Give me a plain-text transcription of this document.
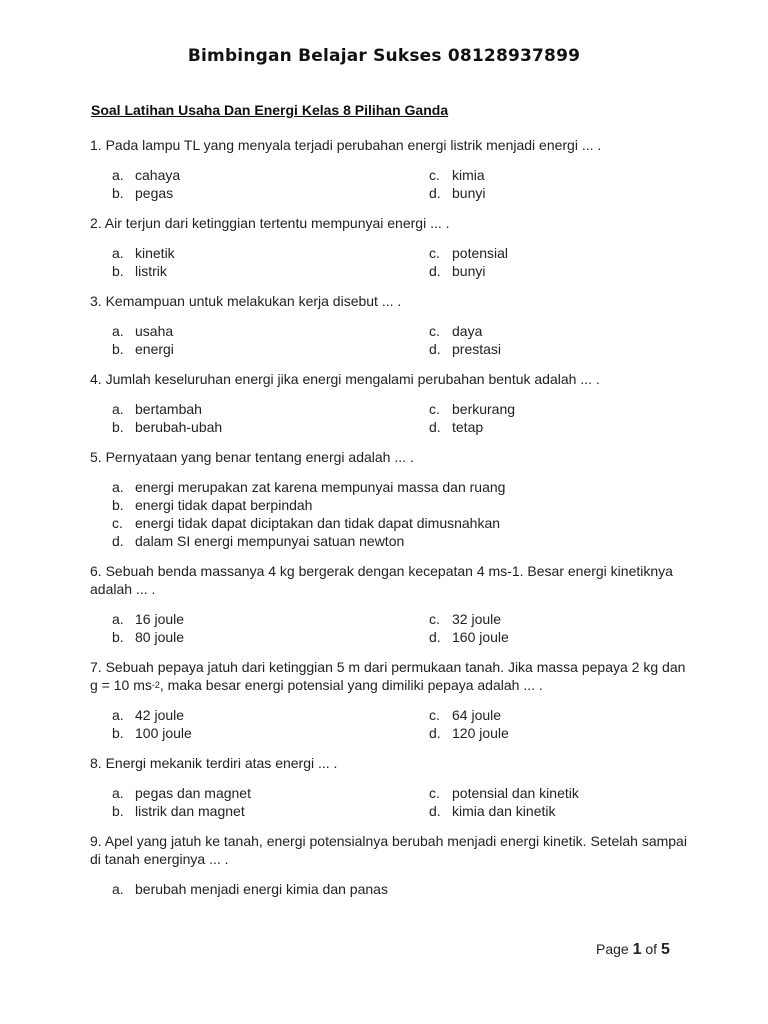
Bimbingan Belajar Sukses 08128937899
Soal Latihan Usaha Dan Energi Kelas 8 Pilihan Ganda
1. Pada lampu TL yang menyala terjadi perubahan energi listrik menjadi energi ... .
a. cahaya	c. kimia
b. pegas	d. bunyi
2. Air terjun dari ketinggian tertentu mempunyai energi ... .
a. kinetik	c. potensial
b. listrik	d. bunyi
3. Kemampuan untuk melakukan kerja disebut ... .
a. usaha	c. daya
b. energi	d. prestasi
4. Jumlah keseluruhan energi jika energi mengalami perubahan bentuk adalah ... .
a. bertambah	c. berkurang
b. berubah-ubah	d. tetap
5. Pernyataan yang benar tentang energi adalah ... .
a. energi merupakan zat karena mempunyai massa dan ruang
b. energi tidak dapat berpindah
c. energi tidak dapat diciptakan dan tidak dapat dimusnahkan
d. dalam SI energi mempunyai satuan newton
6. Sebuah benda massanya 4 kg bergerak dengan kecepatan 4 ms-1. Besar energi kinetiknya adalah ... .
a. 16 joule	c. 32 joule
b. 80 joule	d. 160 joule
7. Sebuah pepaya jatuh dari ketinggian 5 m dari permukaan tanah. Jika massa pepaya 2 kg dan g = 10 $ms^{-2}$, maka besar energi potensial yang dimiliki pepaya adalah ... .
a. 42 joule	c. 64 joule
b. 100 joule	d. 120 joule
8. Energi mekanik terdiri atas energi ... .
a. pegas dan magnet	c. potensial dan kinetik
b. listrik dan magnet	d. kimia dan kinetik
9. Apel yang jatuh ke tanah, energi potensialnya berubah menjadi energi kinetik. Setelah sampai di tanah energinya ... .
a. berubah menjadi energi kimia dan panas
Page 1 of 5
